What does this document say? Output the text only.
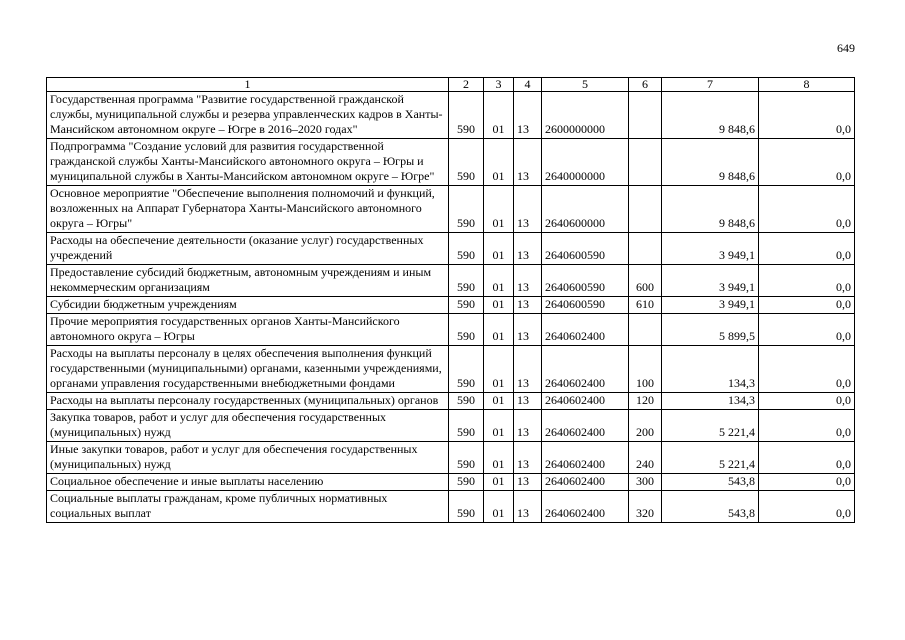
649
1	2	3	4	5	6	7	8
Государственная программа "Развитие государственной гражданской службы, муниципальной службы и резерва управленческих кадров в Ханты-Мансийском автономном округе – Югре в 2016–2020 годах"	590	01	13	2600000000		9 848,6	0,0
Подпрограмма "Создание условий для развития государственной гражданской службы Ханты-Мансийского автономного округа – Югры и муниципальной службы в Ханты-Мансийском автономном округе – Югре"	590	01	13	2640000000		9 848,6	0,0
Основное мероприятие "Обеспечение выполнения полномочий и функций, возложенных на Аппарат Губернатора Ханты-Мансийского автономного округа – Югры"	590	01	13	2640600000		9 848,6	0,0
Расходы на обеспечение деятельности (оказание услуг) государственных учреждений	590	01	13	2640600590		3 949,1	0,0
Предоставление субсидий бюджетным, автономным учреждениям и иным некоммерческим организациям	590	01	13	2640600590	600	3 949,1	0,0
Субсидии бюджетным учреждениям	590	01	13	2640600590	610	3 949,1	0,0
Прочие мероприятия государственных органов Ханты-Мансийского автономного округа – Югры	590	01	13	2640602400		5 899,5	0,0
Расходы на выплаты персоналу в целях обеспечения выполнения функций государственными (муниципальными) органами, казенными учреждениями, органами управления государственными внебюджетными фондами	590	01	13	2640602400	100	134,3	0,0
Расходы на выплаты персоналу государственных (муниципальных) органов	590	01	13	2640602400	120	134,3	0,0
Закупка товаров, работ и услуг для обеспечения государственных (муниципальных) нужд	590	01	13	2640602400	200	5 221,4	0,0
Иные закупки товаров, работ и услуг для обеспечения государственных (муниципальных) нужд	590	01	13	2640602400	240	5 221,4	0,0
Социальное обеспечение и иные выплаты населению	590	01	13	2640602400	300	543,8	0,0
Социальные выплаты гражданам, кроме публичных нормативных социальных выплат	590	01	13	2640602400	320	543,8	0,0
